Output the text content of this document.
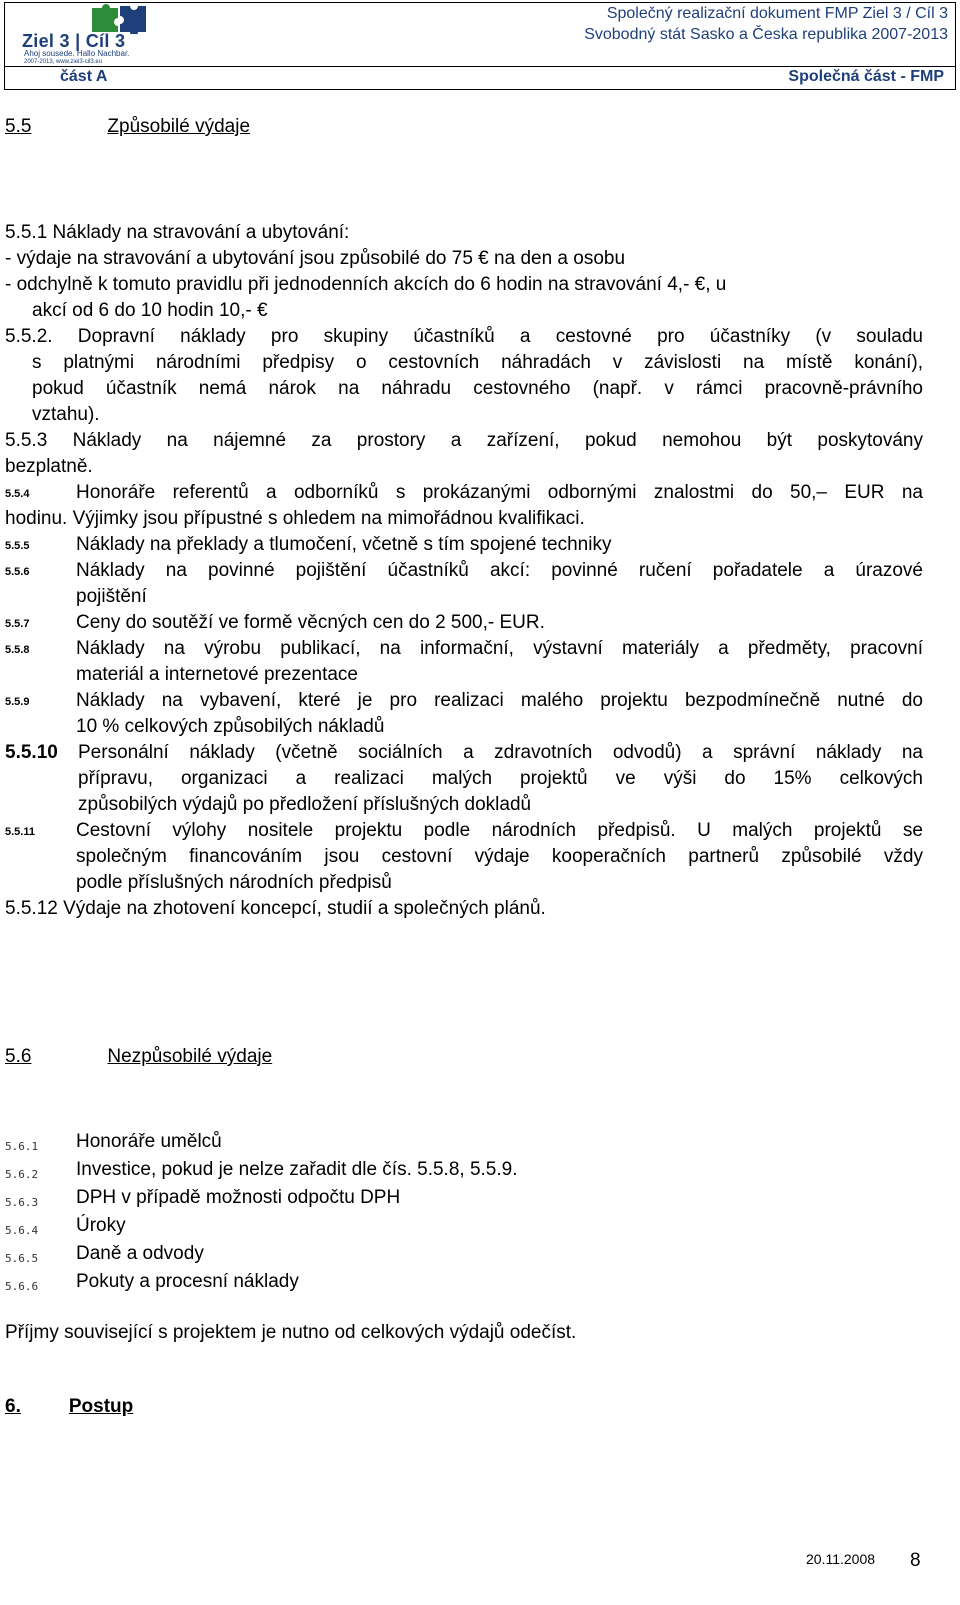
Ziel 3 | Cíl 3
Ahoj sousede. Hallo Nachbar.
2007-2013, www.ziel3-cil3.eu
Společný realizační dokument FMP Ziel 3 / Cíl 3
Svobodný stát Sasko a Česka republika 2007-2013
část A	Společná část - FMP
5.5	Způsobilé výdaje
5.5.1 Náklady na stravování a ubytování:
- výdaje na stravování a ubytování jsou způsobilé do 75 € na den a osobu
- odchylně k tomuto pravidlu při jednodenních akcích do 6 hodin na stravování 4,- €, u
akcí od 6 do 10 hodin 10,- €
5.5.2. Dopravní náklady pro skupiny účastníků a cestovné pro účastníky (v souladu
s platnými národními předpisy o cestovních náhradách v závislosti na místě konání),
pokud účastník nemá nárok na náhradu cestovného (např. v rámci pracovně-právního
vztahu).
5.5.3 Náklady na nájemné za prostory a zařízení, pokud nemohou být poskytovány
bezplatně.
5.5.4 Honoráře referentů a odborníků s prokázanými odbornými znalostmi do 50,– EUR na
hodinu. Výjimky jsou přípustné s ohledem na mimořádnou kvalifikaci.
5.5.5 Náklady na překlady a tlumočení, včetně s tím spojené techniky
5.5.6 Náklady na povinné pojištění účastníků akcí: povinné ručení pořadatele a úrazové
pojištění
5.5.7 Ceny do soutěží ve formě věcných cen do 2 500,- EUR.
5.5.8 Náklady na výrobu publikací, na informační, výstavní materiály a předměty, pracovní
materiál a internetové prezentace
5.5.9 Náklady na vybavení, které je pro realizaci malého projektu bezpodmínečně nutné do
10 % celkových způsobilých nákladů
5.5.10 Personální náklady (včetně sociálních a zdravotních odvodů) a správní náklady na
přípravu, organizaci a realizaci malých projektů ve výši do 15% celkových
způsobilých výdajů po předložení příslušných dokladů
5.5.11 Cestovní výlohy nositele projektu podle národních předpisů. U malých projektů se
společným financováním jsou cestovní výdaje kooperačních partnerů způsobilé vždy
podle příslušných národních předpisů
5.5.12 Výdaje na zhotovení koncepcí, studií a společných plánů.
5.6	Nezpůsobilé výdaje
5.6.1 Honoráře umělců
5.6.2 Investice, pokud je nelze zařadit dle čís. 5.5.8, 5.5.9.
5.6.3 DPH v případě možnosti odpočtu DPH
5.6.4 Úroky
5.6.5 Daně a odvody
5.6.6 Pokuty a procesní náklady
Příjmy související s projektem je nutno od celkových výdajů odečíst.
6.	Postup
20.11.2008 8
